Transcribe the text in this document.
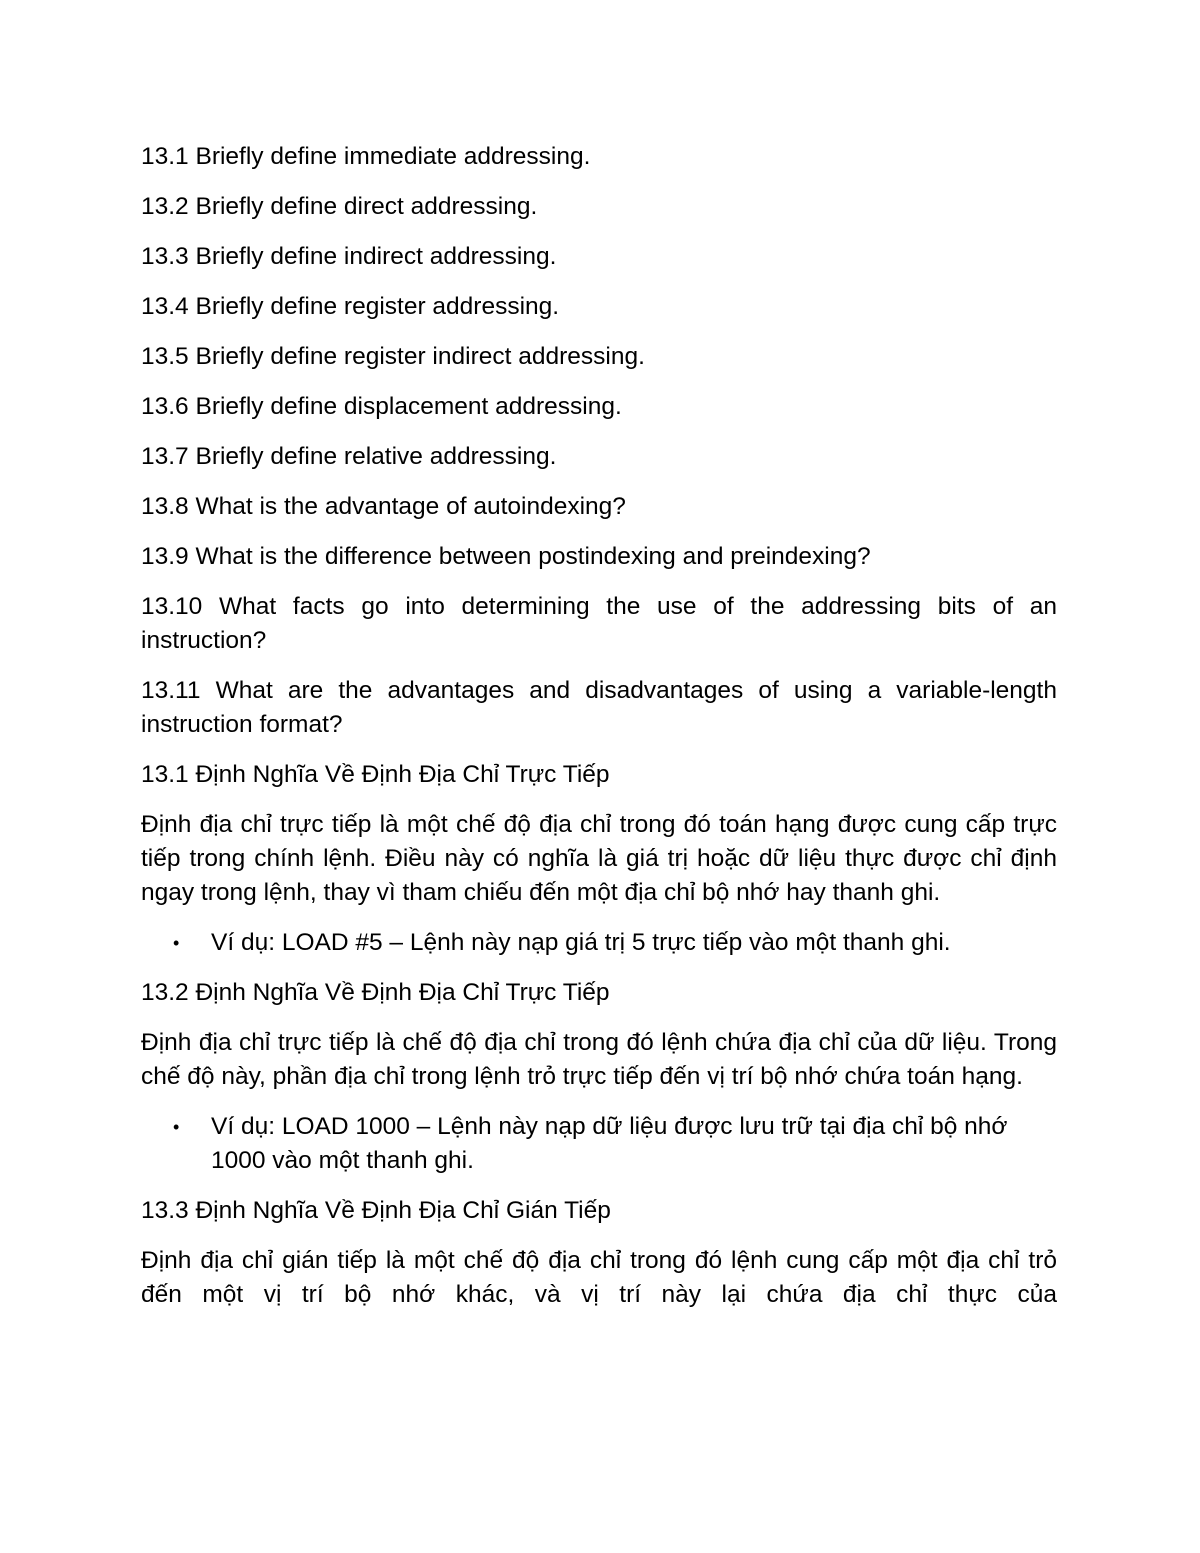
13.1 Briefly define immediate addressing.
13.2 Briefly define direct addressing.
13.3 Briefly define indirect addressing.
13.4 Briefly define register addressing.
13.5 Briefly define register indirect addressing.
13.6 Briefly define displacement addressing.
13.7 Briefly define relative addressing.
13.8 What is the advantage of autoindexing?
13.9 What is the difference between postindexing and preindexing?
13.10 What facts go into determining the use of the addressing bits of an instruction?
13.11 What are the advantages and disadvantages of using a variable-length instruction format?
13.1 Định Nghĩa Về Định Địa Chỉ Trực Tiếp
Định địa chỉ trực tiếp là một chế độ địa chỉ trong đó toán hạng được cung cấp trực tiếp trong chính lệnh. Điều này có nghĩa là giá trị hoặc dữ liệu thực được chỉ định ngay trong lệnh, thay vì tham chiếu đến một địa chỉ bộ nhớ hay thanh ghi.
• Ví dụ: LOAD #5 – Lệnh này nạp giá trị 5 trực tiếp vào một thanh ghi.
13.2 Định Nghĩa Về Định Địa Chỉ Trực Tiếp
Định địa chỉ trực tiếp là chế độ địa chỉ trong đó lệnh chứa địa chỉ của dữ liệu. Trong chế độ này, phần địa chỉ trong lệnh trỏ trực tiếp đến vị trí bộ nhớ chứa toán hạng.
• Ví dụ: LOAD 1000 – Lệnh này nạp dữ liệu được lưu trữ tại địa chỉ bộ nhớ 1000 vào một thanh ghi.
13.3 Định Nghĩa Về Định Địa Chỉ Gián Tiếp
Định địa chỉ gián tiếp là một chế độ địa chỉ trong đó lệnh cung cấp một địa chỉ trỏ đến một vị trí bộ nhớ khác, và vị trí này lại chứa địa chỉ thực của
